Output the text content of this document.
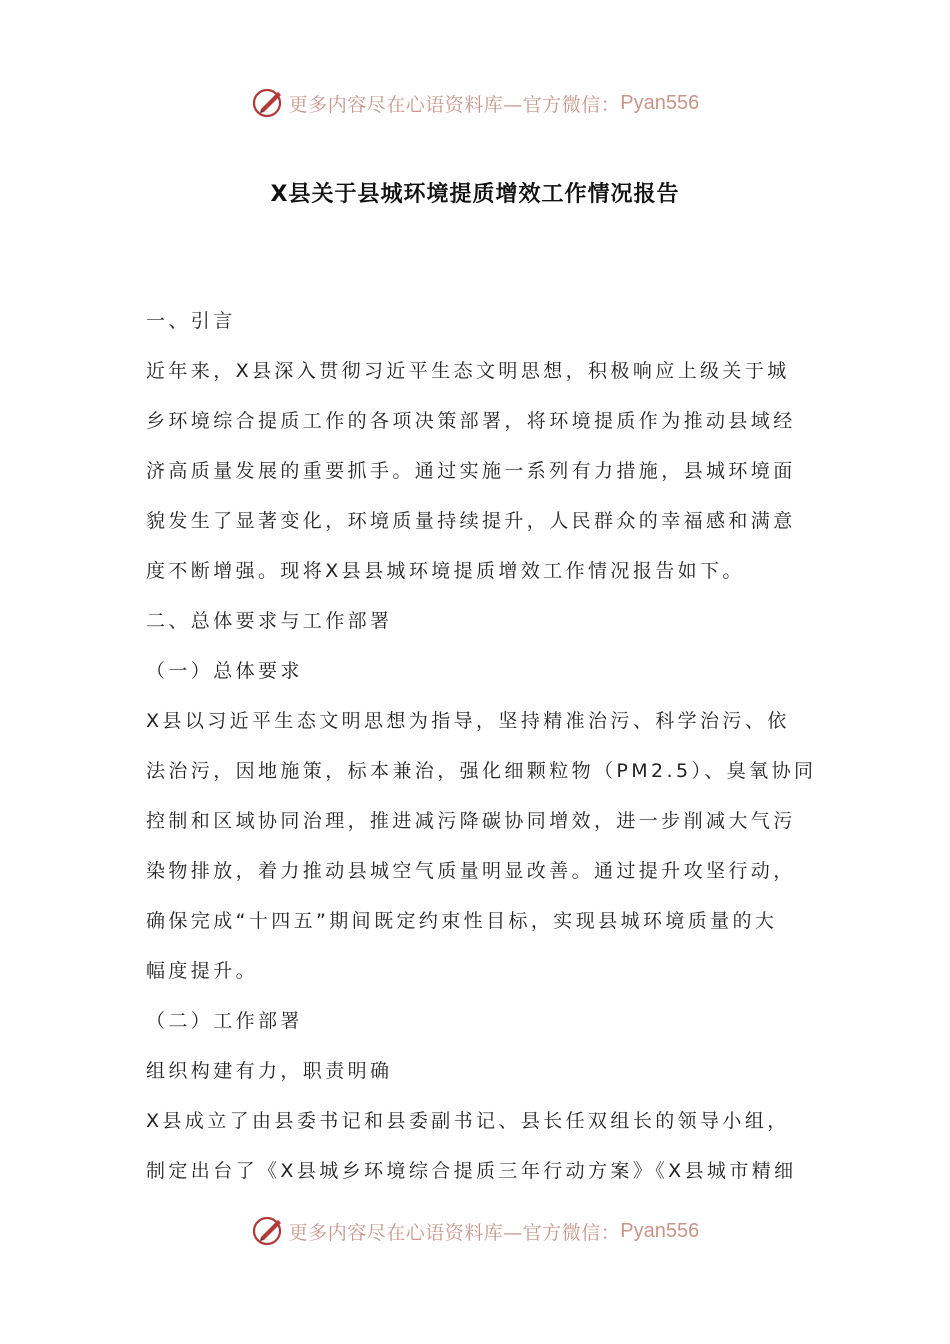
更多内容尽在心语资料库—官方微信： Pyan556
X县关于县城环境提质增效工作情况报告
一、引言
近年来，X县深入贯彻习近平生态文明思想，积极响应上级关于城
乡环境综合提质工作的各项决策部署，将环境提质作为推动县域经
济高质量发展的重要抓手。通过实施一系列有力措施，县城环境面
貌发生了显著变化，环境质量持续提升，人民群众的幸福感和满意
度不断增强。现将X县县城环境提质增效工作情况报告如下。
二、总体要求与工作部署
（一）总体要求
X县以习近平生态文明思想为指导，坚持精准治污、科学治污、依
法治污，因地施策，标本兼治，强化细颗粒物（PM2.5）、臭氧协同
控制和区域协同治理，推进减污降碳协同增效，进一步削减大气污
染物排放，着力推动县城空气质量明显改善。通过提升攻坚行动，
确保完成“十四五”期间既定约束性目标，实现县城环境质量的大
幅度提升。
（二）工作部署
组织构建有力，职责明确
X县成立了由县委书记和县委副书记、县长任双组长的领导小组，
制定出台了《X县城乡环境综合提质三年行动方案》《X县城市精细
更多内容尽在心语资料库—官方微信： Pyan556
